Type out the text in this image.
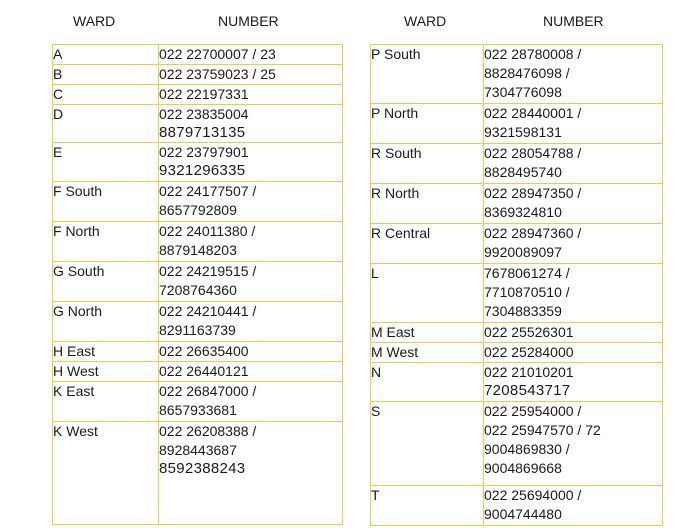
WARD	NUMBER	WARD	NUMBER
A	022 22700007 / 23

B	022 23759023 / 25

C	022 22197331

D	022 23835004
8879713135

E	022 23797901
9321296335

F South	022 24177507 /
8657792809

F North	022 24011380 /
8879148203

G South	022 24219515 /
7208764360

G North	022 24210441 /
8291163739

H East	022 26635400

H West	022 26440121

K East	022 26847000 /
8657933681

K West	022 26208388 /
8928443687
8592388243
P South	022 28780008 /
8828476098 /
7304776098

P North	022 28440001 /
9321598131

R South	022 28054788 /
8828495740

R North	022 28947350 /
8369324810

R Central	022 28947360 /
9920089097

L	7678061274 /
7710870510 /
7304883359

M East	022 25526301

M West	022 25284000

N	022 21010201
7208543717

S	022 25954000 /
022 25947570 / 72
9004869830 /
9004869668

T	022 25694000 /
9004744480
